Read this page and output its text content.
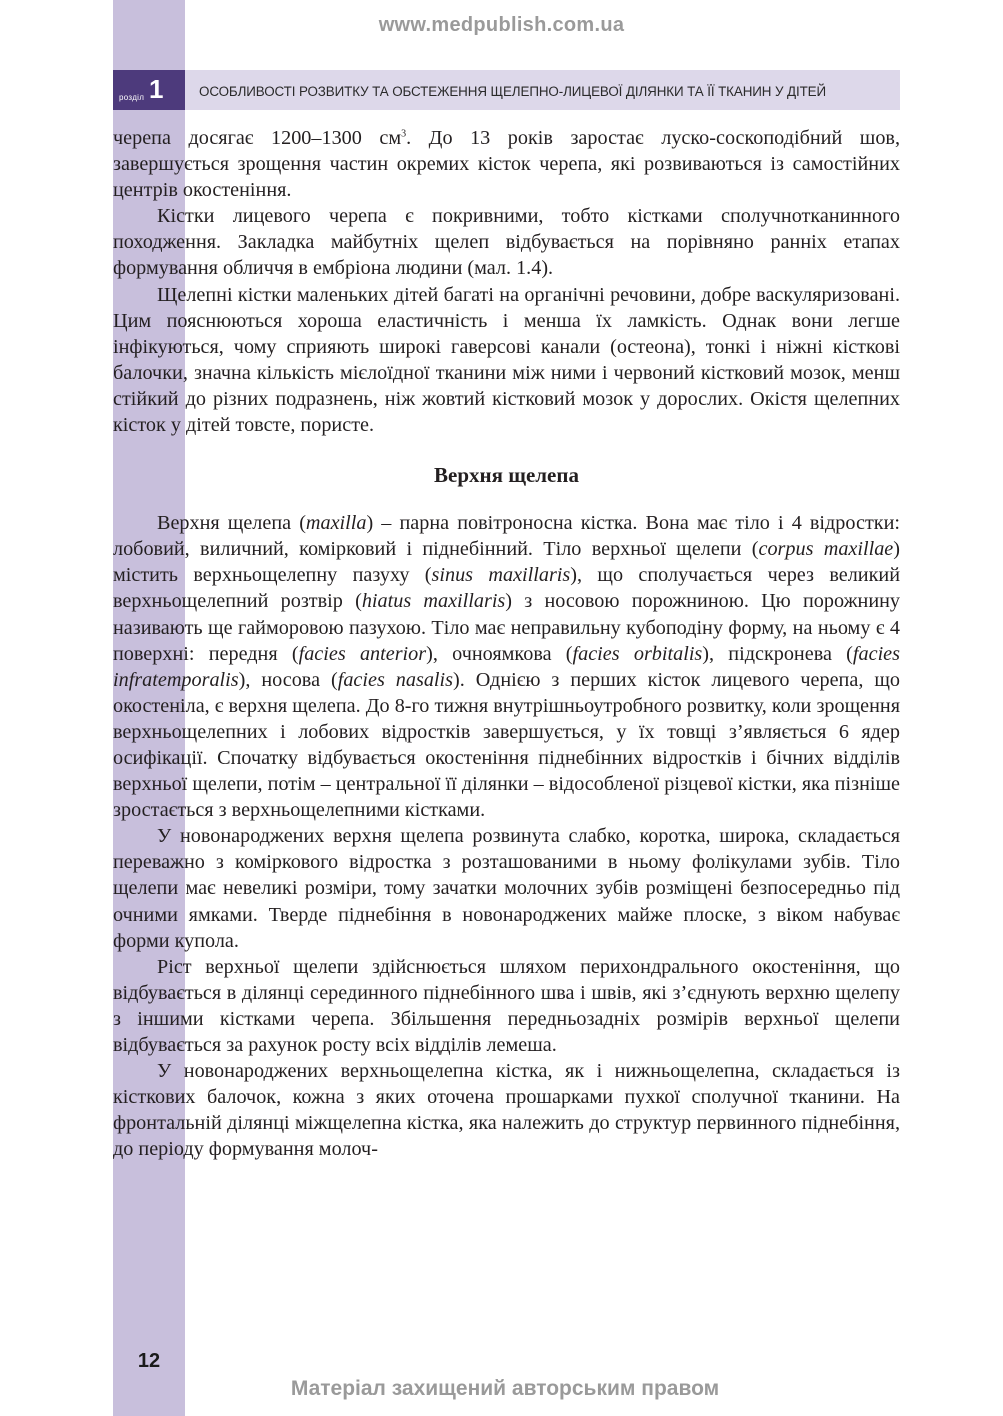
www.medpublish.com.ua
розділ 1	ОСОБЛИВОСТІ РОЗВИТКУ ТА ОБСТЕЖЕННЯ ЩЕЛЕПНО-ЛИЦЕВОЇ ДІЛЯНКИ ТА ЇЇ ТКАНИН У ДІТЕЙ

черепа досягає 1200–1300 $см^3$. До 13 років заростає луско-соскоподібний шов, завершується зрощення частин окремих кісток черепа, які розвиваються із самостійних центрів окостеніння.

Кістки лицевого черепа є покривними, тобто кістками сполучнотканинного походження. Закладка майбутніх щелеп відбувається на порівняно ранніх етапах формування обличчя в ембріона людини (мал. 1.4).

Щелепні кістки маленьких дітей багаті на органічні речовини, добре васкуляризовані. Цим пояснюються хороша еластичність і менша їх ламкість. Однак вони легше інфікуються, чому сприяють широкі гаверсові канали (остеона), тонкі і ніжні кісткові балочки, значна кількість мієлоїдної тканини між ними і червоний кістковий мозок, менш стійкий до різних подразнень, ніж жовтий кістковий мозок у дорослих. Окістя щелепних кісток у дітей товсте, пористе.

Верхня щелепа

Верхня щелепа (maxilla) – парна повітроносна кістка. Вона має тіло і 4 відростки: лобовий, виличний, комірковий і піднебінний. Тіло верхньої щелепи (corpus maxillae) містить верхньощелепну пазуху (sinus maxillaris), що сполучається через великий верхньощелепний розтвір (hiatus maxillaris) з носовою порожниною. Цю порожнину називають ще гайморовою пазухою. Тіло має неправильну кубоподіну форму, на ньому є 4 поверхні: передня (facies anterior), очноямкова (facies orbitalis), підскронева (facies infratemporalis), носова (facies nasalis). Однією з перших кісток лицевого черепа, що окостеніла, є верхня щелепа. До 8-го тижня внутрішньоутробного розвитку, коли зрощення верхньощелепних і лобових відростків завершується, у їх товщі з’являється 6 ядер осифікації. Спочатку відбувається окостеніння піднебінних відростків і бічних відділів верхньої щелепи, потім – центральної її ділянки – відособленої різцевої кістки, яка пізніше зростається з верхньощелепними кістками.

У новонароджених верхня щелепа розвинута слабко, коротка, широка, складається переважно з коміркового відростка з розташованими в ньому фолікулами зубів. Тіло щелепи має невеликі розміри, тому зачатки молочних зубів розміщені безпосередньо під очними ямками. Тверде піднебіння в новонароджених майже плоске, з віком набуває форми купола.

Ріст верхньої щелепи здійснюється шляхом перихондрального окостеніння, що відбувається в ділянці серединного піднебінного шва і швів, які з’єднують верхню щелепу з іншими кістками черепа. Збільшення передньозадніх розмірів верхньої щелепи відбувається за рахунок росту всіх відділів лемеша.

У новонароджених верхньощелепна кістка, як і нижньощелепна, складається із кісткових балочок, кожна з яких оточена прошарками пухкої сполучної тканини. На фронтальній ділянці міжщелепна кістка, яка належить до структур первинного піднебіння, до періоду формування молоч-

12
Матеріал захищений авторським правом
